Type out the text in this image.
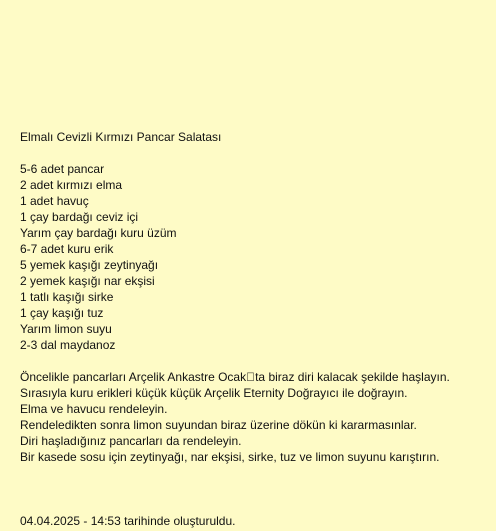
Elmalı Cevizli Kırmızı Pancar Salatası
5-6 adet pancar
2 adet kırmızı elma
1 adet havuç
1 çay bardağı ceviz içi
Yarım çay bardağı kuru üzüm
6-7 adet kuru erik
5 yemek kaşığı zeytinyağı
2 yemek kaşığı nar ekşisi
1 tatlı kaşığı sirke
1 çay kaşığı tuz
Yarım limon suyu
2-3 dal maydanoz
Öncelikle pancarları Arçelik Ankastre Ocak ta biraz diri kalacak şekilde haşlayın.
Sırasıyla kuru erikleri küçük küçük Arçelik Eternity Doğrayıcı ile doğrayın.
Elma ve havucu rendeleyin.
Rendeledikten sonra limon suyundan biraz üzerine dökün ki kararmasınlar.
Diri haşladığınız pancarları da rendeleyin.
Bir kasede sosu için zeytinyağı, nar ekşisi, sirke, tuz ve limon suyunu karıştırın.
04.04.2025 - 14:53 tarihinde oluşturuldu.
